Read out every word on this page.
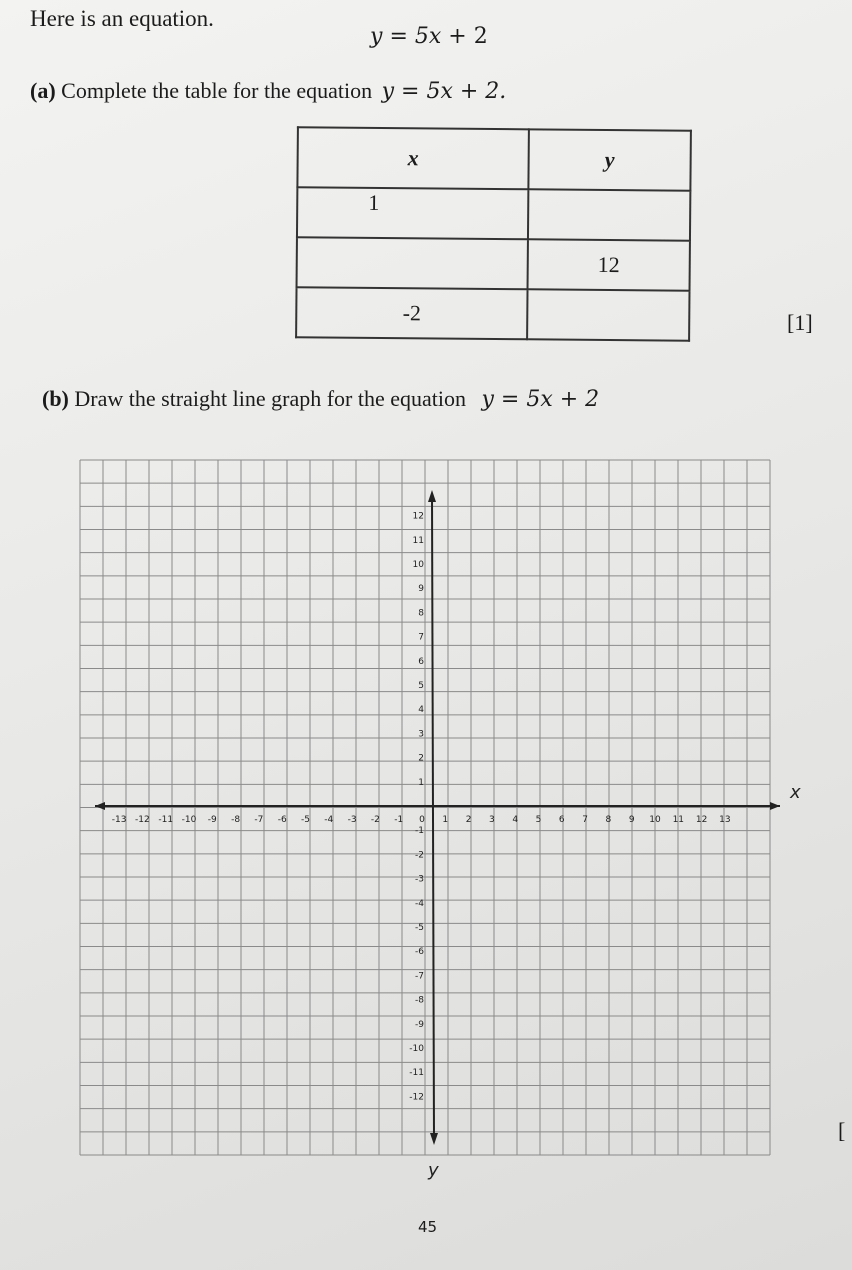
Here is an equation.
y = 5x + 2
(a) Complete the table for the equation y = 5x + 2.
x	y
1	
	12
-2		[1]
(b) Draw the straight line graph for the equation y = 5x + 2
-13 -12 -11 -10 -9 -8 -7 -6 -5 -4 -3 -2 -1 0 1 2 3 4 5 6 7 8 9 10 11 12 13
12
11
10
9
8
7
6
5
4
3
2
1
-1
-2
-3
-4
-5
-6
-7
-8
-9
-10
-11
-12
x
y
[
45
